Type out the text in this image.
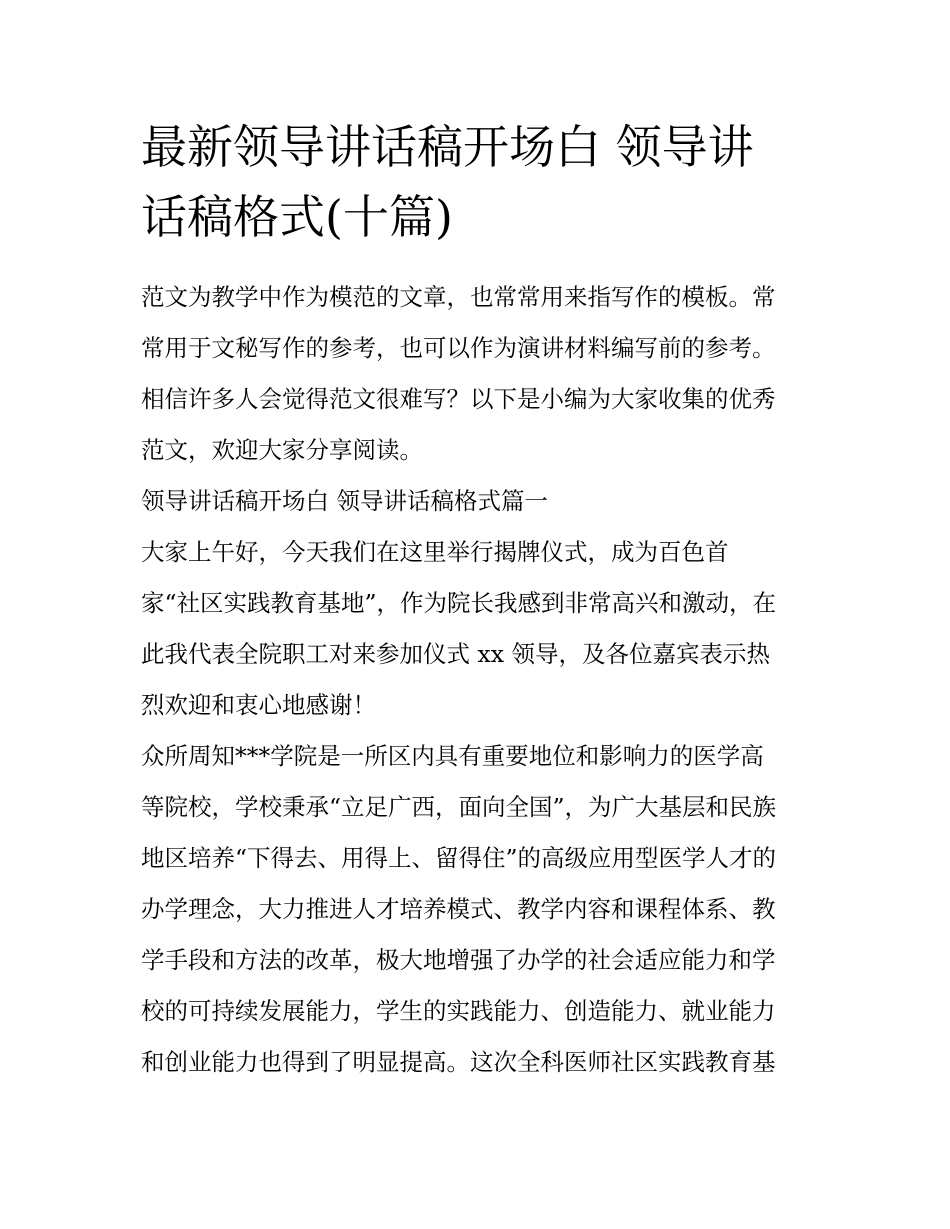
最新领导讲话稿开场白 领导讲

话稿格式(十篇)

范文为教学中作为模范的文章，也常常用来指写作的模板。常

常用于文秘写作的参考，也可以作为演讲材料编写前的参考。

相信许多人会觉得范文很难写？以下是小编为大家收集的优秀

范文，欢迎大家分享阅读。

领导讲话稿开场白 领导讲话稿格式篇一

大家上午好，今天我们在这里举行揭牌仪式，成为百色首

家“社区实践教育基地”，作为院长我感到非常高兴和激动，在

此我代表全院职工对来参加仪式 xx 领导，及各位嘉宾表示热

烈欢迎和衷心地感谢！

众所周知***学院是一所区内具有重要地位和影响力的医学高

等院校，学校秉承“立足广西，面向全国”，为广大基层和民族

地区培养“下得去、用得上、留得住”的高级应用型医学人才的

办学理念，大力推进人才培养模式、教学内容和课程体系、教

学手段和方法的改革，极大地增强了办学的社会适应能力和学

校的可持续发展能力，学生的实践能力、创造能力、就业能力

和创业能力也得到了明显提高。这次全科医师社区实践教育基
